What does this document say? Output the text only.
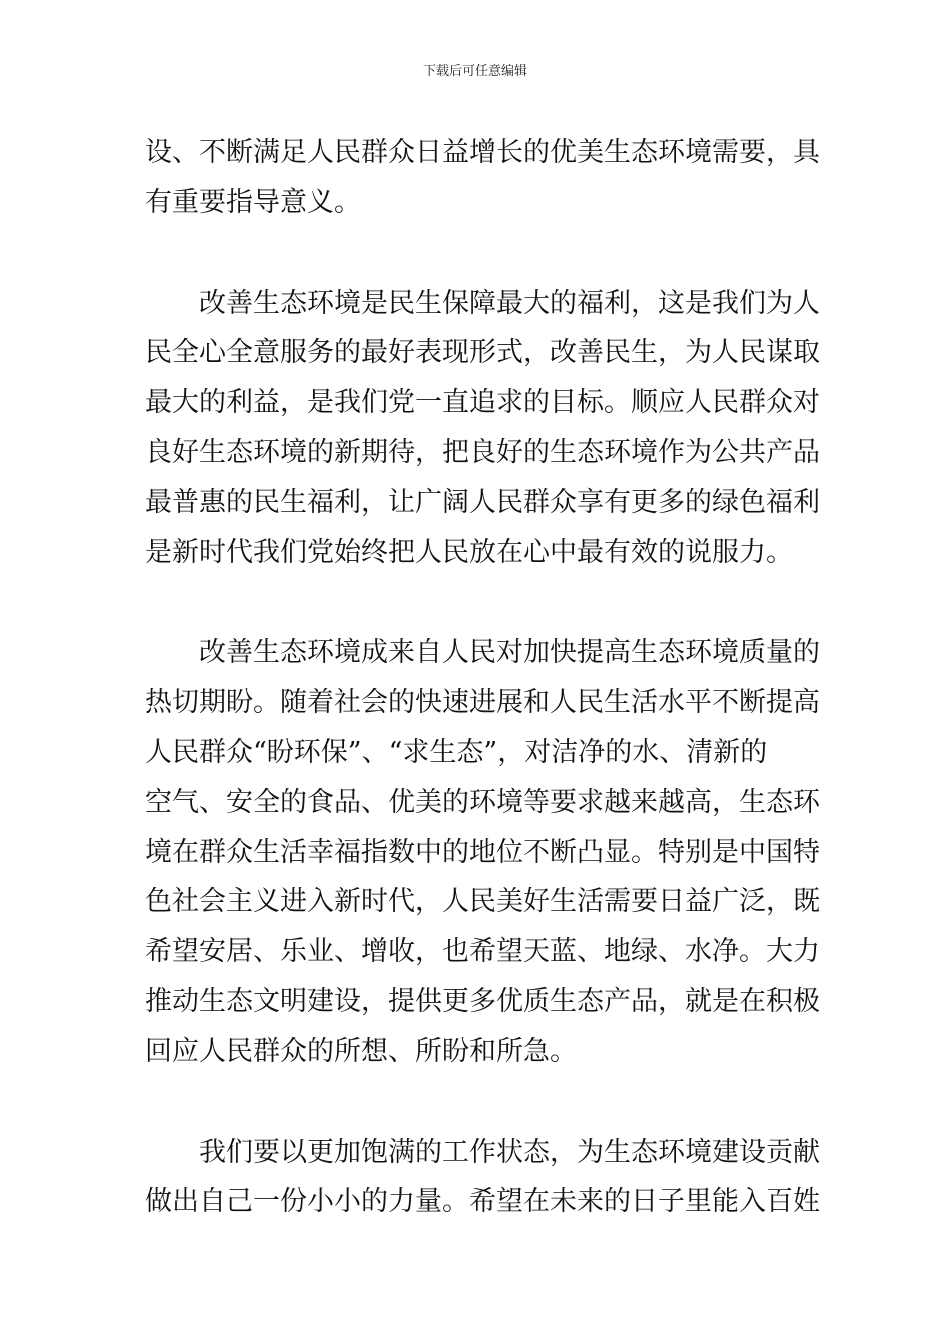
下载后可任意编辑
设、不断满足人民群众日益增长的优美生态环境需要，具
有重要指导意义。
改善生态环境是民生保障最大的福利，这是我们为人
民全心全意服务的最好表现形式，改善民生，为人民谋取
最大的利益，是我们党一直追求的目标。顺应人民群众对
良好生态环境的新期待，把良好的生态环境作为公共产品
最普惠的民生福利，让广阔人民群众享有更多的绿色福利
是新时代我们党始终把人民放在心中最有效的说服力。
改善生态环境成来自人民对加快提高生态环境质量的
热切期盼。随着社会的快速进展和人民生活水平不断提高
人民群众“盼环保”、“求生态”，对洁净的水、清新的
空气、安全的食品、优美的环境等要求越来越高，生态环
境在群众生活幸福指数中的地位不断凸显。特别是中国特
色社会主义进入新时代，人民美好生活需要日益广泛，既
希望安居、乐业、增收，也希望天蓝、地绿、水净。大力
推动生态文明建设，提供更多优质生态产品，就是在积极
回应人民群众的所想、所盼和所急。
我们要以更加饱满的工作状态，为生态环境建设贡献
做出自己一份小小的力量。希望在未来的日子里能入百姓
